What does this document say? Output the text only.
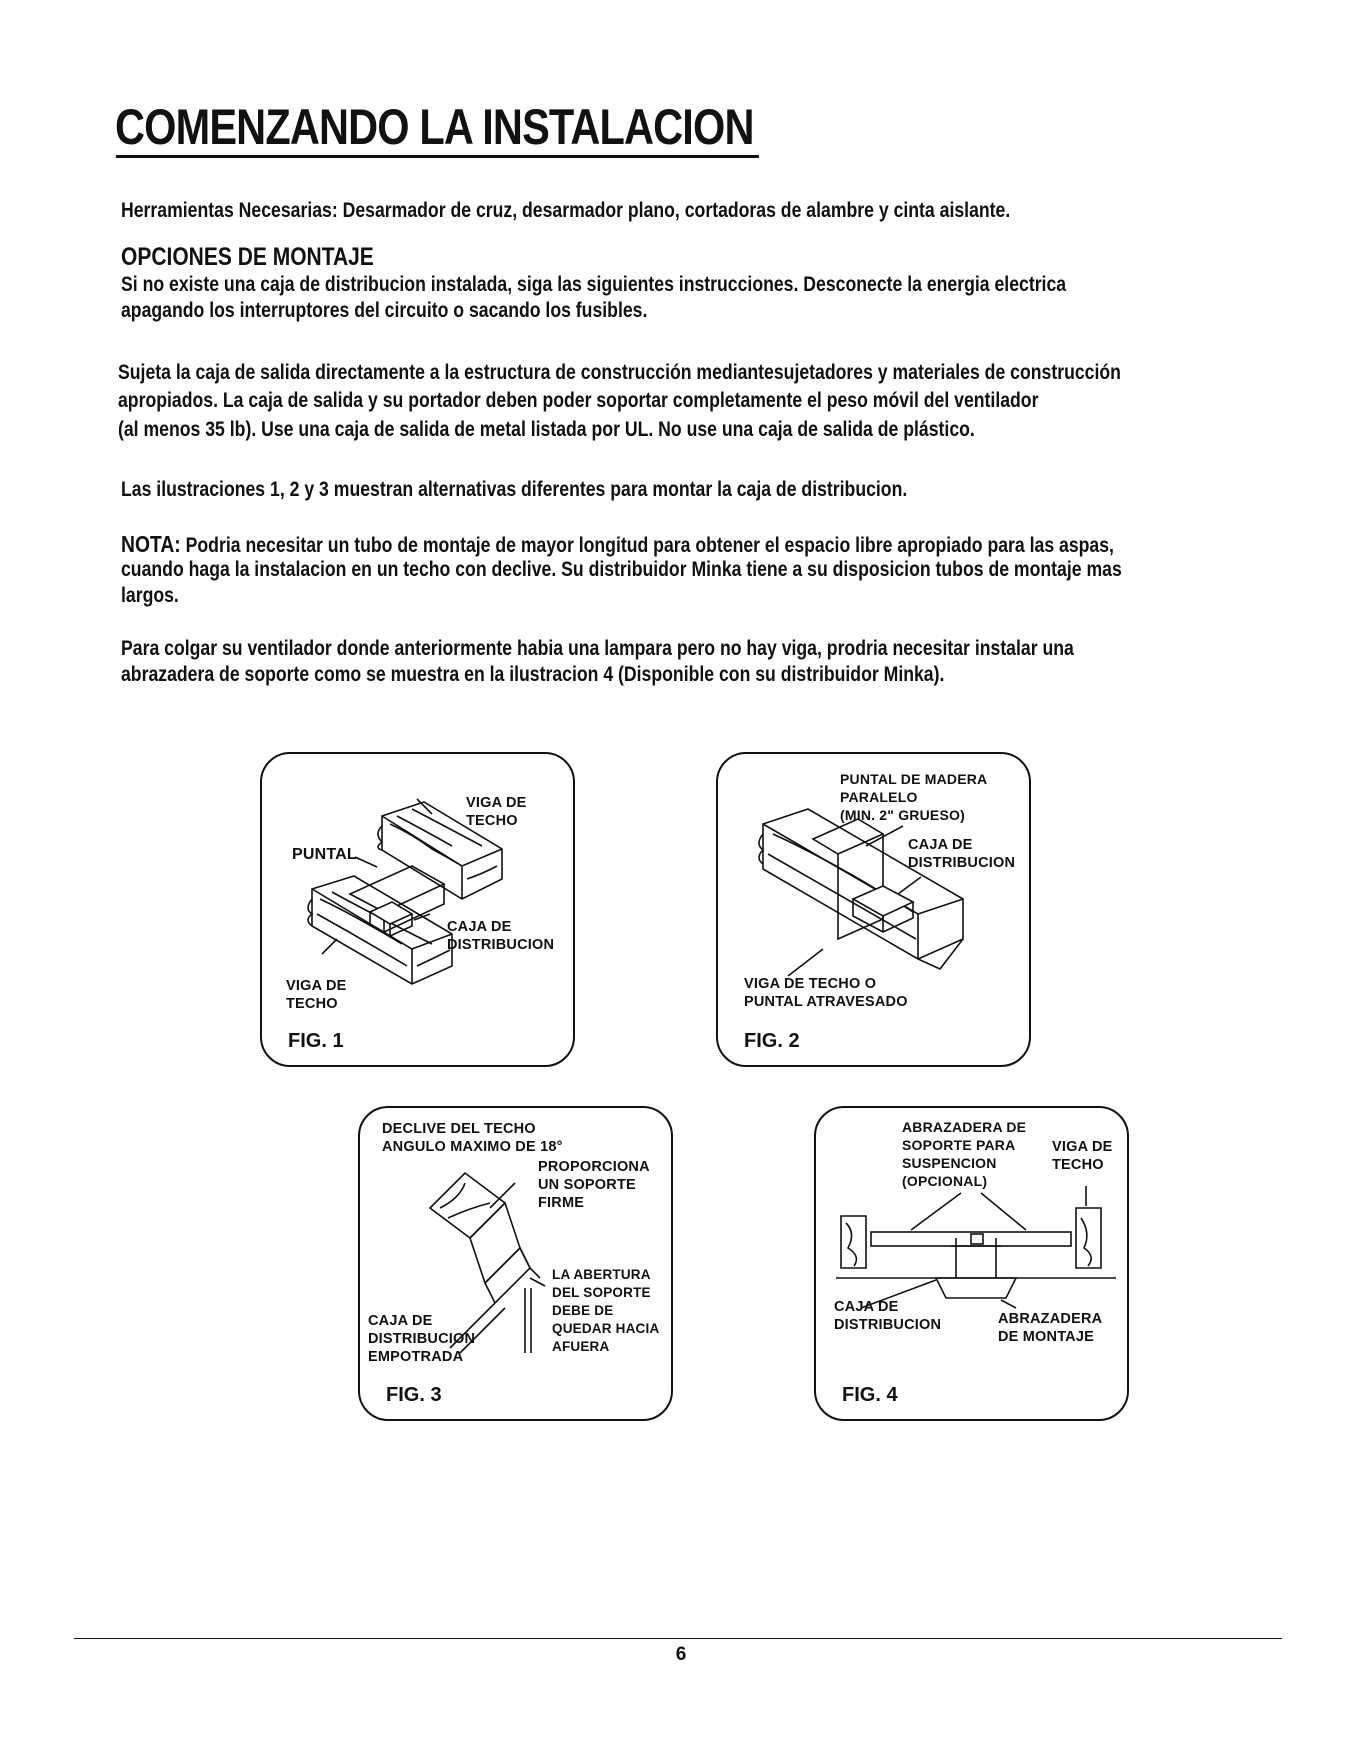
COMENZANDO LA INSTALACION

Herramientas Necesarias: Desarmador de cruz, desarmador plano, cortadoras de alambre y cinta aislante.

OPCIONES DE MONTAJE

Si no existe una caja de distribucion instalada, siga las siguientes instrucciones. Desconecte la energia electrica

apagando los interruptores del circuito o sacando los fusibles.

Sujeta la caja de salida directamente a la estructura de construcción mediantesujetadores y materiales de construcción

apropiados. La caja de salida y su portador deben poder soportar completamente el peso móvil del ventilador

(al menos 35 lb). Use una caja de salida de metal listada por UL. No use una caja de salida de plástico.

Las ilustraciones 1, 2 y 3 muestran alternativas diferentes para montar la caja de distribucion.

NOTA: Podria necesitar un tubo de montaje de mayor longitud para obtener el espacio libre apropiado para las aspas,

cuando haga la instalacion en un techo con declive. Su distribuidor Minka tiene a su disposicion tubos de montaje mas

largos.

Para colgar su ventilador donde anteriormente habia una lampara pero no hay viga, prodria necesitar instalar una

abrazadera de soporte como se muestra en la ilustracion 4 (Disponible con su distribuidor Minka).

VIGA DE
TECHO
PUNTAL
CAJA DE
DISTRIBUCION
VIGA DE
TECHO
FIG. 1
PUNTAL DE MADERA
PARALELO
(MIN. 2" GRUESO)
CAJA DE
DISTRIBUCION
VIGA DE TECHO O
PUNTAL ATRAVESADO
FIG. 2
DECLIVE DEL TECHO
ANGULO MAXIMO DE 18°
PROPORCIONA
UN SOPORTE
FIRME
LA ABERTURA
DEL SOPORTE
DEBE DE
QUEDAR HACIA
AFUERA
CAJA DE
DISTRIBUCION
EMPOTRADA
FIG. 3
ABRAZADERA DE
SOPORTE PARA
SUSPENCION
(OPCIONAL)
VIGA DE
TECHO
CAJA DE
DISTRIBUCION	ABRAZADERA
DE MONTAJE
FIG. 4
6
